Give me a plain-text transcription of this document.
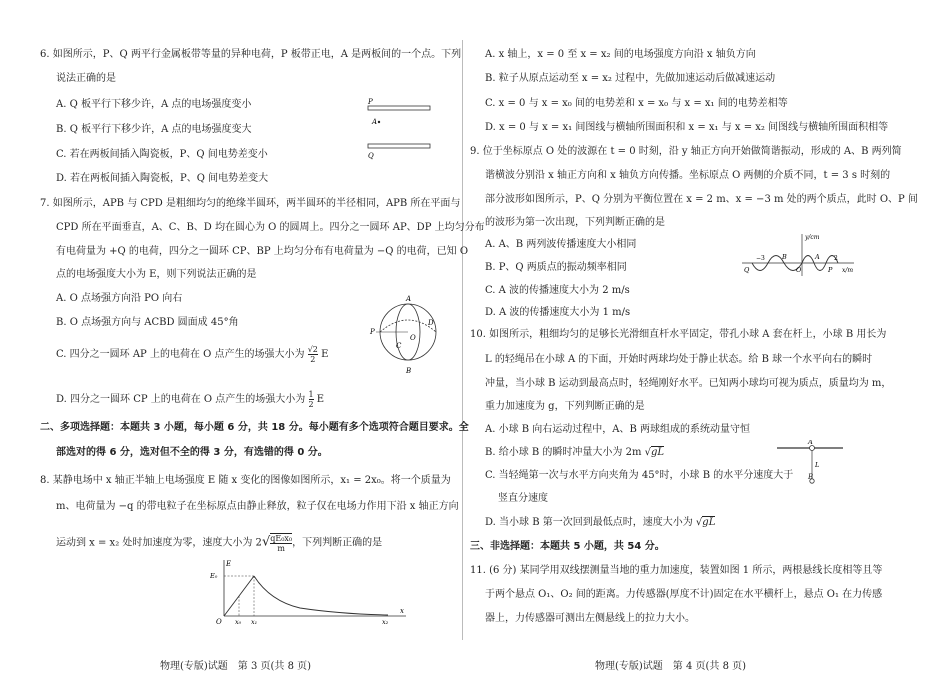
6. 如图所示，P、Q 两平行金属板带等量的异种电荷，P 板带正电，A 是两板间的一个点。下列
说法正确的是
A. Q 板平行下移少许，A 点的电场强度变小
B. Q 板平行下移少许，A 点的电场强度变大
C. 若在两板间插入陶瓷板，P、Q 间电势差变小
D. 若在两板间插入陶瓷板，P、Q 间电势差变大
P
A
Q
7. 如图所示，APB 与 CPD 是粗细均匀的绝缘半圆环，两半圆环的半径相同，APB 所在平面与
CPD 所在平面垂直，A、C、B、D 均在圆心为 O 的圆周上。四分之一圆环 AP、DP 上均匀分布
有电荷量为 +Q 的电荷，四分之一圆环 CP、BP 上均匀分布有电荷量为 −Q 的电荷，已知 O
点的电场强度大小为 E，则下列说法正确的是
A. O 点场强方向沿 PO 向右
B. O 点场强方向与 ACBD 圆面成 45°角
C. 四分之一圆环 AP 上的电荷在 O 点产生的场强大小为 $\frac{√2}{2}$ E
D. 四分之一圆环 CP 上的电荷在 O 点产生的场强大小为 $\frac{1}{2}$ E
A
P
O
C
D
B
二、多项选择题：本题共 3 小题，每小题 6 分，共 18 分。每小题有多个选项符合题目要求。全
部选对的得 6 分，选对但不全的得 3 分，有选错的得 0 分。
8. 某静电场中 x 轴正半轴上电场强度 E 随 x 变化的图像如图所示，x₁ = 2x₀。将一个质量为
m、电荷量为 −q 的带电粒子在坐标原点由静止释放，粒子仅在电场力作用下沿 x 轴正方向
运动到 x = x₂ 处时加速度为零，速度大小为 $2√ \frac{\text{qE₀x₀}}{m}$ ，下列判断正确的是
E
E₀
O x₀ x₁	x₂
x
物理(专版)试题　第 3 页(共 8 页)
A. x 轴上，x = 0 至 x = x₂ 间的电场强度方向沿 x 轴负方向
B. 粒子从原点运动至 x = x₂ 过程中，先做加速运动后做减速运动
C. x = 0 与 x = x₀ 间的电势差和 x = x₀ 与 x = x₁ 间的电势差相等
D. x = 0 与 x = x₁ 间图线与横轴所围面积和 x = x₁ 与 x = x₂ 间图线与横轴所围面积相等
9. 位于坐标原点 O 处的波源在 t = 0 时刻，沿 y 轴正方向开始做简谐振动，形成的 A、B 两列简
谐横波分别沿 x 轴正方向和 x 轴负方向传播。坐标原点 O 两侧的介质不同，t = 3 s 时刻的
部分波形如图所示，P、Q 分别为平衡位置在 x = 2 m、x = −3 m 处的两个质点，此时 O、P 间
的波形为第一次出现，下列判断正确的是
A. A、B 两列波传播速度大小相同
B. P、Q 两质点的振动频率相同
C. A 波的传播速度大小为 2 m/s
D. A 波的传播速度大小为 1 m/s
y/cm
Q
−3	B	A
O	P
2
x/m
10. 如图所示，粗细均匀的足够长光滑细直杆水平固定，带孔小球 A 套在杆上，小球 B 用长为
L 的轻绳吊在小球 A 的下面，开始时两球均处于静止状态。给 B 球一个水平向右的瞬时
冲量，当小球 B 运动到最高点时，轻绳刚好水平。已知两小球均可视为质点，质量均为 m，
重力加速度为 g，下列判断正确的是
A. 小球 B 向右运动过程中，A、B 两球组成的系统动量守恒
B. 给小球 B 的瞬时冲量大小为 2m √gL
C. 当轻绳第一次与水平方向夹角为 45°时，小球 B 的水平分速度大于
竖直分速度
D. 当小球 B 第一次回到最低点时，速度大小为 √gL
A
L
B
三、非选择题：本题共 5 小题，共 54 分。
11. (6 分) 某同学用双线摆测量当地的重力加速度，装置如图 1 所示，两根悬线长度相等且等
于两个悬点 O₁、O₂ 间的距离。力传感器(厚度不计)固定在水平横杆上，悬点 O₁ 在力传感
器上，力传感器可测出左侧悬线上的拉力大小。
物理(专版)试题　第 4 页(共 8 页)
